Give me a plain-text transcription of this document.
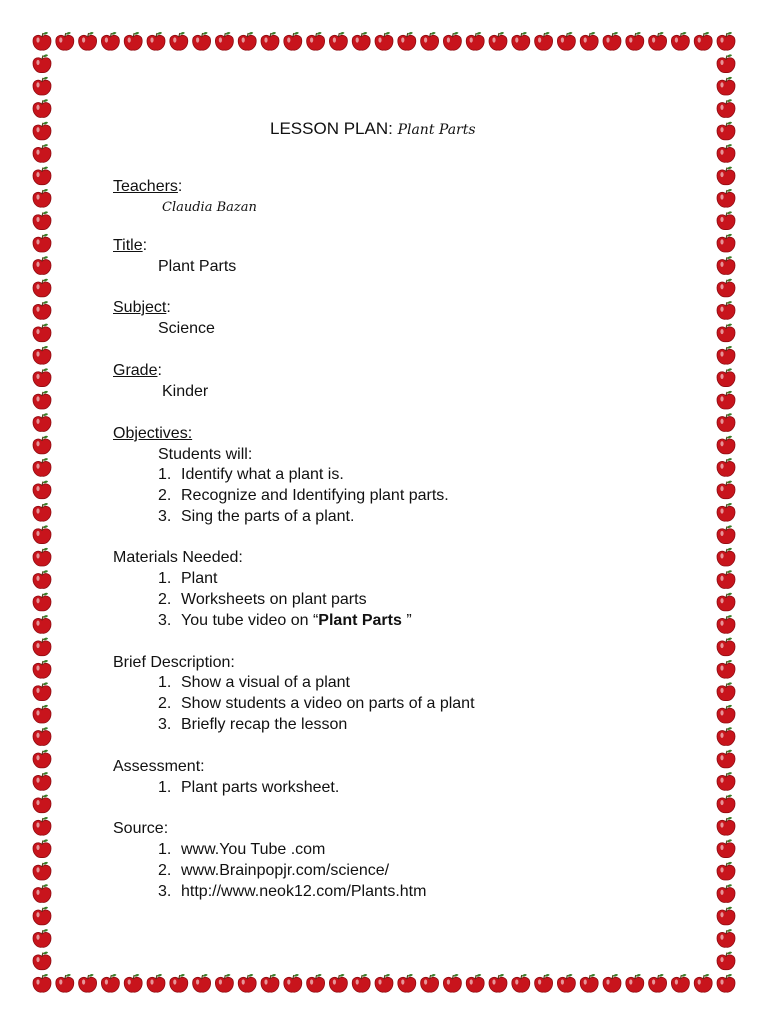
LESSON PLAN: Plant Parts
Teachers:
Claudia Bazan
Title:
Plant Parts
Subject:
Science
Grade:
Kinder
Objectives:
Students will:
1. Identify what a plant is.
2. Recognize and Identifying plant parts.
3. Sing the parts of a plant.
Materials Needed:
1. Plant
2. Worksheets on plant parts
3. You tube video on “Plant Parts ”
Brief Description:
1. Show a visual of a plant
2. Show students a video on parts of a plant
3. Briefly recap the lesson
Assessment:
1. Plant parts worksheet.
Source:
1. www.You Tube .com
2. www.Brainpopjr.com/science/
3. http://www.neok12.com/Plants.htm
